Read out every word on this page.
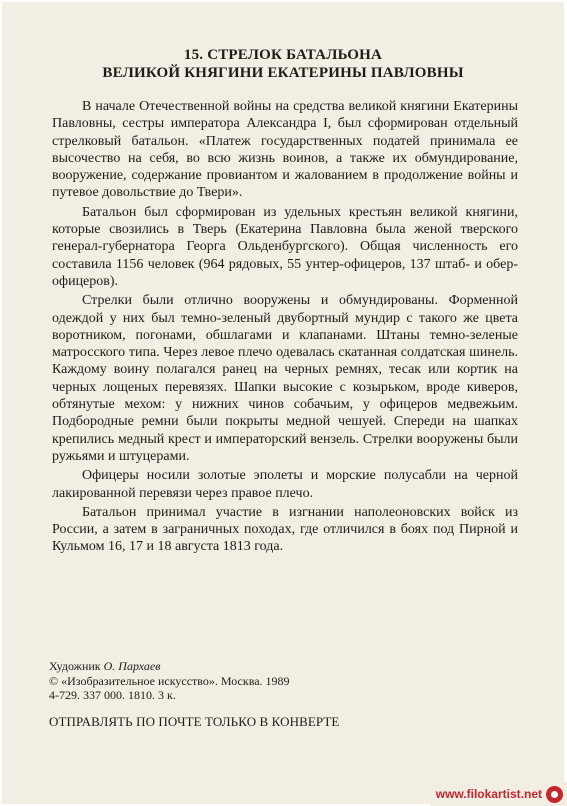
15. СТРЕЛОК БАТАЛЬОНА
ВЕЛИКОЙ КНЯГИНИ ЕКАТЕРИНЫ ПАВЛОВНЫ

В начале Отечественной войны на средства великой княгини Екатерины Павловны, сестры императора Александра I, был сформирован отдельный стрелковый батальон. «Платеж государственных податей принимала ее высочество на себя, во всю жизнь воинов, а также их обмундирование, вооружение, содержание провиантом и жалованием в продолжение войны и путевое довольствие до Твери».

Батальон был сформирован из удельных крестьян великой княгини, которые свозились в Тверь (Екатерина Павловна была женой тверского генерал-губернатора Георга Ольденбургского). Общая численность его составила 1156 человек (964 рядовых, 55 унтер-офицеров, 137 штаб- и обер-офицеров).

Стрелки были отлично вооружены и обмундированы. Форменной одеждой у них был темно-зеленый двубортный мундир с такого же цвета воротником, погонами, обшлагами и клапанами. Штаны темно-зеленые матросского типа. Через левое плечо одевалась скатанная солдатская шинель. Каждому воину полагался ранец на черных ремнях, тесак или кортик на черных лощеных перевязях. Шапки высокие с козырьком, вроде киверов, обтянутые мехом: у нижних чинов собачьим, у офицеров медвежьим. Подбородные ремни были покрыты медной чешуей. Спереди на шапках крепились медный крест и императорский вензель. Стрелки вооружены были ружьями и штуцерами.

Офицеры носили золотые эполеты и морские полусабли на черной лакированной перевязи через правое плечо.

Батальон принимал участие в изгнании наполеоновских войск из России, а затем в заграничных походах, где отличился в боях под Пирной и Кульмом 16, 17 и 18 августа 1813 года.

Художник О. Пархаев
© «Изобразительное искусство». Москва. 1989
4-729. 337 000. 1810. 3 к.
ОТПРАВЛЯТЬ ПО ПОЧТЕ ТОЛЬКО В КОНВЕРТЕ
www.filokartist.net
